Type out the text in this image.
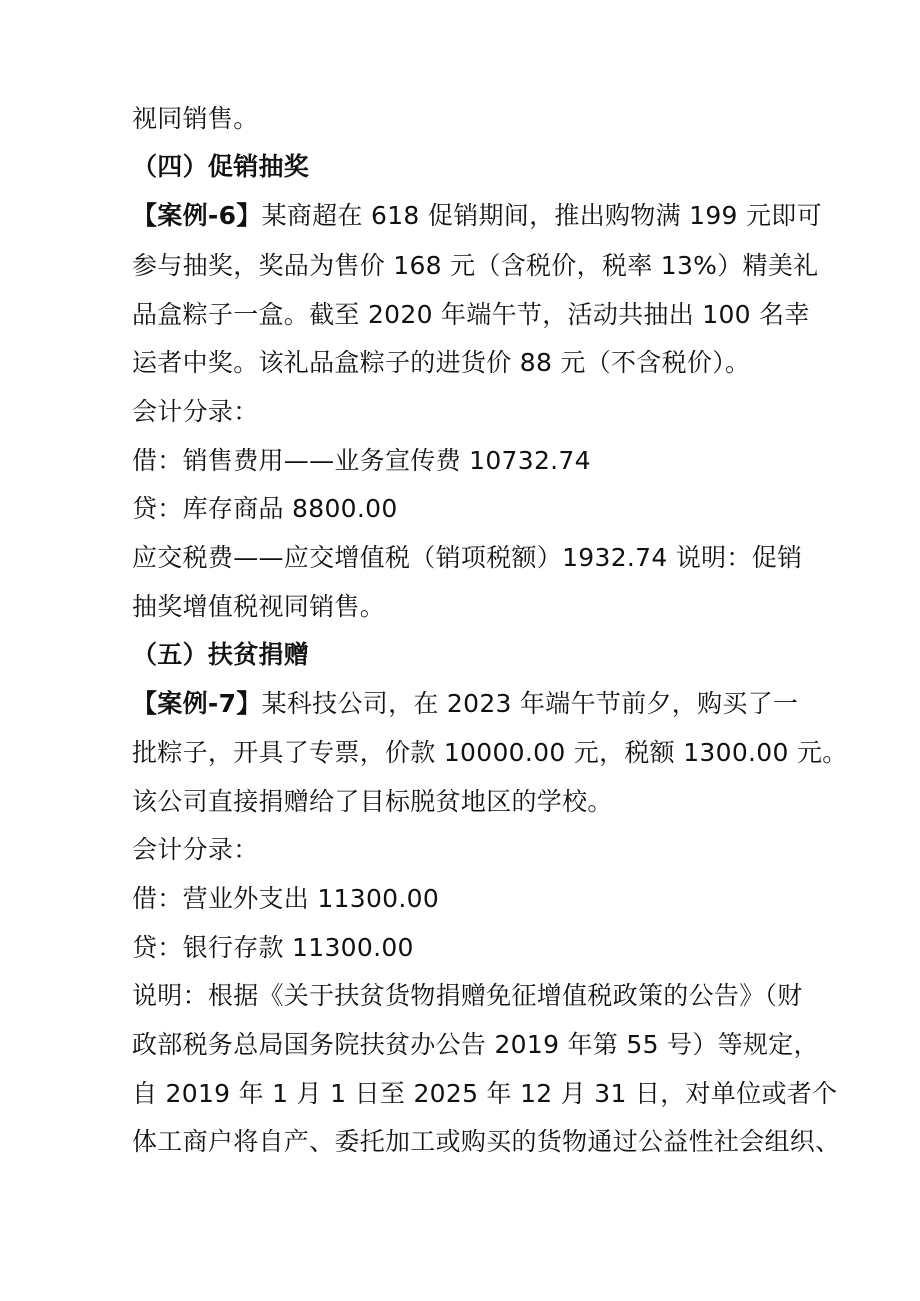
视同销售。
（四）促销抽奖
【案例-6】某商超在 618 促销期间，推出购物满 199 元即可
参与抽奖，奖品为售价 168 元（含税价，税率 13%）精美礼
品盒粽子一盒。截至 2020 年端午节，活动共抽出 100 名幸
运者中奖。该礼品盒粽子的进货价 88 元（不含税价）。
会计分录：
借：销售费用——业务宣传费 10732.74
贷：库存商品 8800.00
应交税费——应交增值税（销项税额）1932.74 说明：促销
抽奖增值税视同销售。
（五）扶贫捐赠
【案例-7】某科技公司，在 2023 年端午节前夕，购买了一
批粽子，开具了专票，价款 10000.00 元，税额 1300.00 元。
该公司直接捐赠给了目标脱贫地区的学校。
会计分录：
借：营业外支出 11300.00
贷：银行存款 11300.00
说明：根据《关于扶贫货物捐赠免征增值税政策的公告》（财
政部税务总局国务院扶贫办公告 2019 年第 55 号）等规定，
自 2019 年 1 月 1 日至 2025 年 12 月 31 日，对单位或者个
体工商户将自产、委托加工或购买的货物通过公益性社会组织、
